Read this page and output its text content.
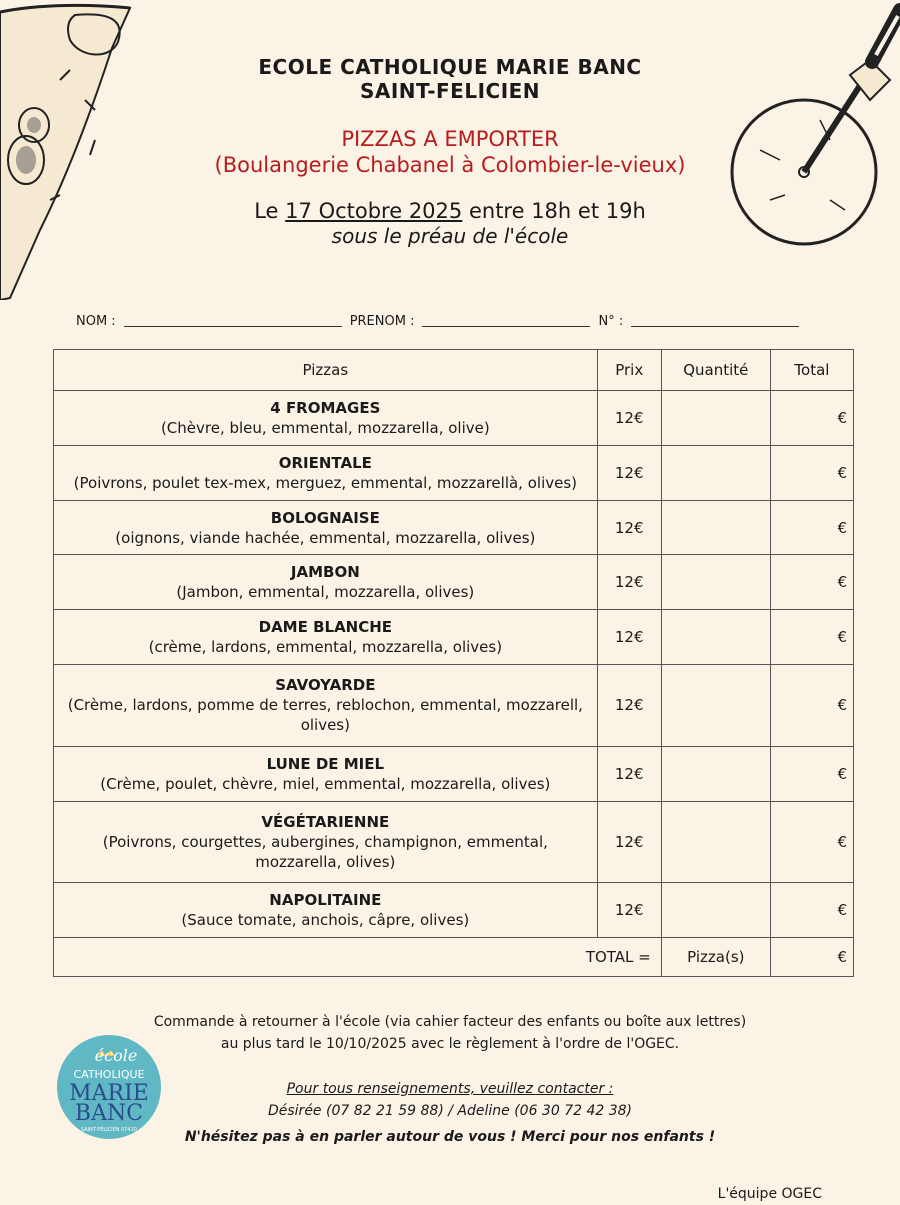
ECOLE CATHOLIQUE MARIE BANC
SAINT-FELICIEN
PIZZAS A EMPORTER
(Boulangerie Chabanel à Colombier-le-vieux)
Le 17 Octobre 2025 entre 18h et 19h
sous le préau de l'école
NOM :	PRENOM :	N° :
Pizzas	Prix	Quantité	Total

4 FROMAGES
(Chèvre, bleu, emmental, mozzarella, olive)	12€		€

ORIENTALE
(Poivrons, poulet tex-mex, merguez, emmental, mozzarellà, olives)	12€		€

BOLOGNAISE
(oignons, viande hachée, emmental, mozzarella, olives)	12€		€

JAMBON
(Jambon, emmental, mozzarella, olives)	12€		€

DAME BLANCHE
(crème, lardons, emmental, mozzarella, olives)	12€		€

SAVOYARDE
(Crème, lardons, pomme de terres, reblochon, emmental, mozzarell, olives)	12€		€

LUNE DE MIEL
(Crème, poulet, chèvre, miel, emmental, mozzarella, olives)	12€		€

VÉGÉTARIENNE
(Poivrons, courgettes, aubergines, champignon, emmental, mozzarella, olives)	12€		€

NAPOLITAINE
(Sauce tomate, anchois, câpre, olives)	12€		€
TOTAL =		Pizza(s)	€
Commande à retourner à l'école (via cahier facteur des enfants ou boîte aux lettres)
au plus tard le 10/10/2025 avec le règlement à l'ordre de l'OGEC.
école
CATHOLIQUE
MARIE
BANC
SAINT-FÉLICIEN 07410
Pour tous renseignements, veuillez contacter :
Désirée (07 82 21 59 88) / Adeline (06 30 72 42 38)
N'hésitez pas à en parler autour de vous ! Merci pour nos enfants !
L'équipe OGEC
